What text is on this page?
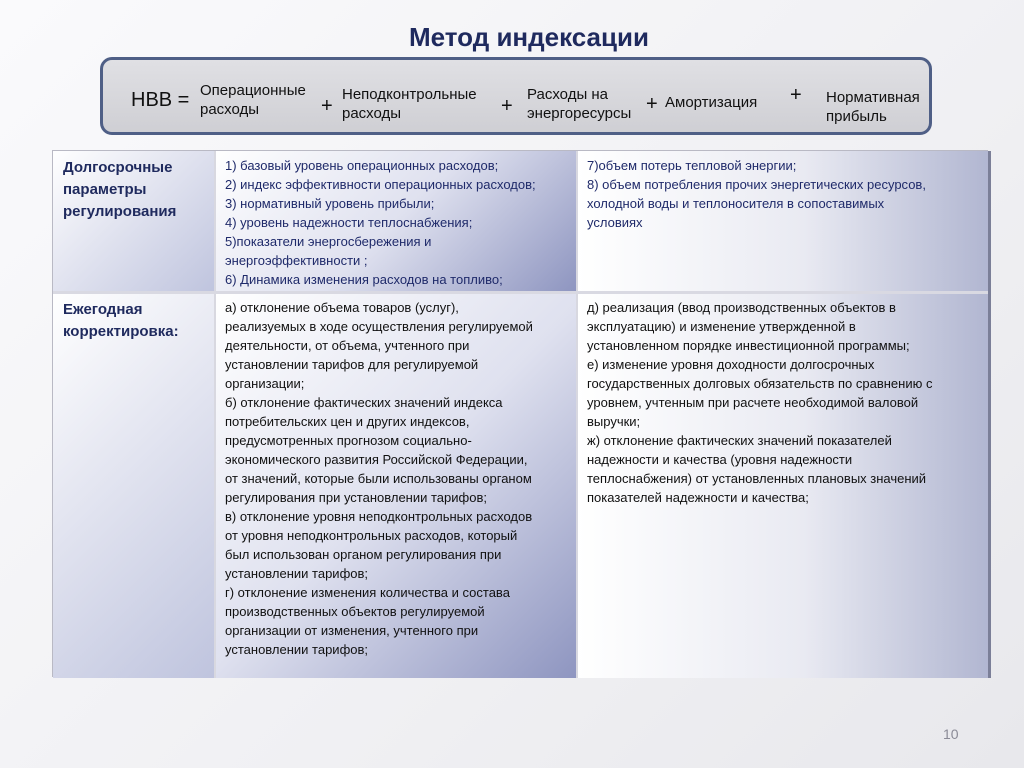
Метод индексации
НВВ = Операционные
расходы	+
Неподконтрольные
расходы	+
Расходы на
энергоресурсы + Амортизация + Нормативная
прибыль
Долгосрочные
параметры
регулирования
1) базовый уровень операционных расходов;
2) индекс эффективности операционных расходов;
3) нормативный уровень прибыли;
4) уровень надежности теплоснабжения;
5)показатели энергосбережения и
энергоэффективности ;
6) Динамика изменения расходов на топливо;
7)объем потерь тепловой энергии;
8) объем потребления прочих энергетических ресурсов,
холодной воды и теплоносителя в сопоставимых
условиях
Ежегодная
корректировка:
а) отклонение объема товаров (услуг),
реализуемых в ходе осуществления регулируемой
деятельности, от объема, учтенного при
установлении тарифов для регулируемой
организации;
б) отклонение фактических значений индекса
потребительских цен и других индексов,
предусмотренных прогнозом социально-
экономического развития Российской Федерации,
от значений, которые были использованы органом
регулирования при установлении тарифов;
в) отклонение уровня неподконтрольных расходов
от уровня неподконтрольных расходов, который
был использован органом регулирования при
установлении тарифов;
г) отклонение изменения количества и состава
производственных объектов регулируемой
организации от изменения, учтенного при
установлении тарифов;
д) реализация (ввод производственных объектов в
эксплуатацию) и изменение утвержденной в
установленном порядке инвестиционной программы;
е) изменение уровня доходности долгосрочных
государственных долговых обязательств по сравнению с
уровнем, учтенным при расчете необходимой валовой
выручки;
ж) отклонение фактических значений показателей
надежности и качества (уровня надежности
теплоснабжения) от установленных плановых значений
показателей надежности и качества;
10
